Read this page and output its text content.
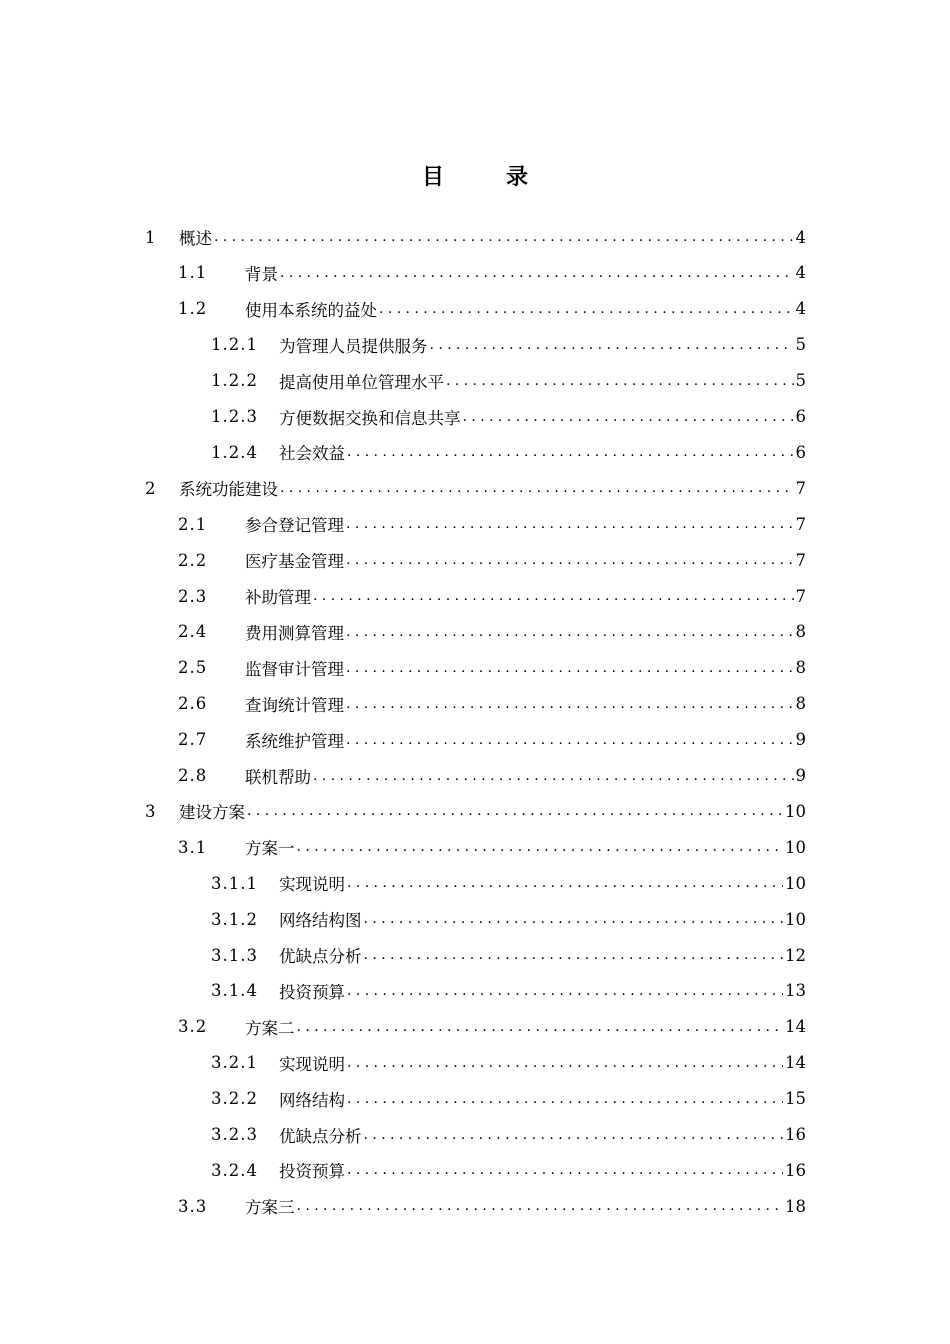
目	录
1	概述 .....	4
1.1	背景 .....	4
1.2	使用本系统的益处 .....	4
1.2.1	为管理人员提供服务 .....	5
1.2.2	提高使用单位管理水平 .....	5
1.2.3	方便数据交换和信息共享 .....	6
1.2.4	社会效益 .....	6
2	系统功能建设 .....	7
2.1	参合登记管理 .....	7
2.2	医疗基金管理 .....	7
2.3	补助管理 .....	7
2.4	费用测算管理 .....	8
2.5	监督审计管理 .....	8
2.6	查询统计管理 .....	8
2.7	系统维护管理 .....	9
2.8	联机帮助 .....	9
3	建设方案 .....	10
3.1	方案一 .....	10
3.1.1	实现说明 .....	10
3.1.2	网络结构图 .....	10
3.1.3	优缺点分析 .....	12
3.1.4	投资预算 .....	13
3.2	方案二 .....	14
3.2.1	实现说明 .....	14
3.2.2	网络结构 .....	15
3.2.3	优缺点分析 .....	16
3.2.4	投资预算 .....	16
3.3	方案三 .....	18
